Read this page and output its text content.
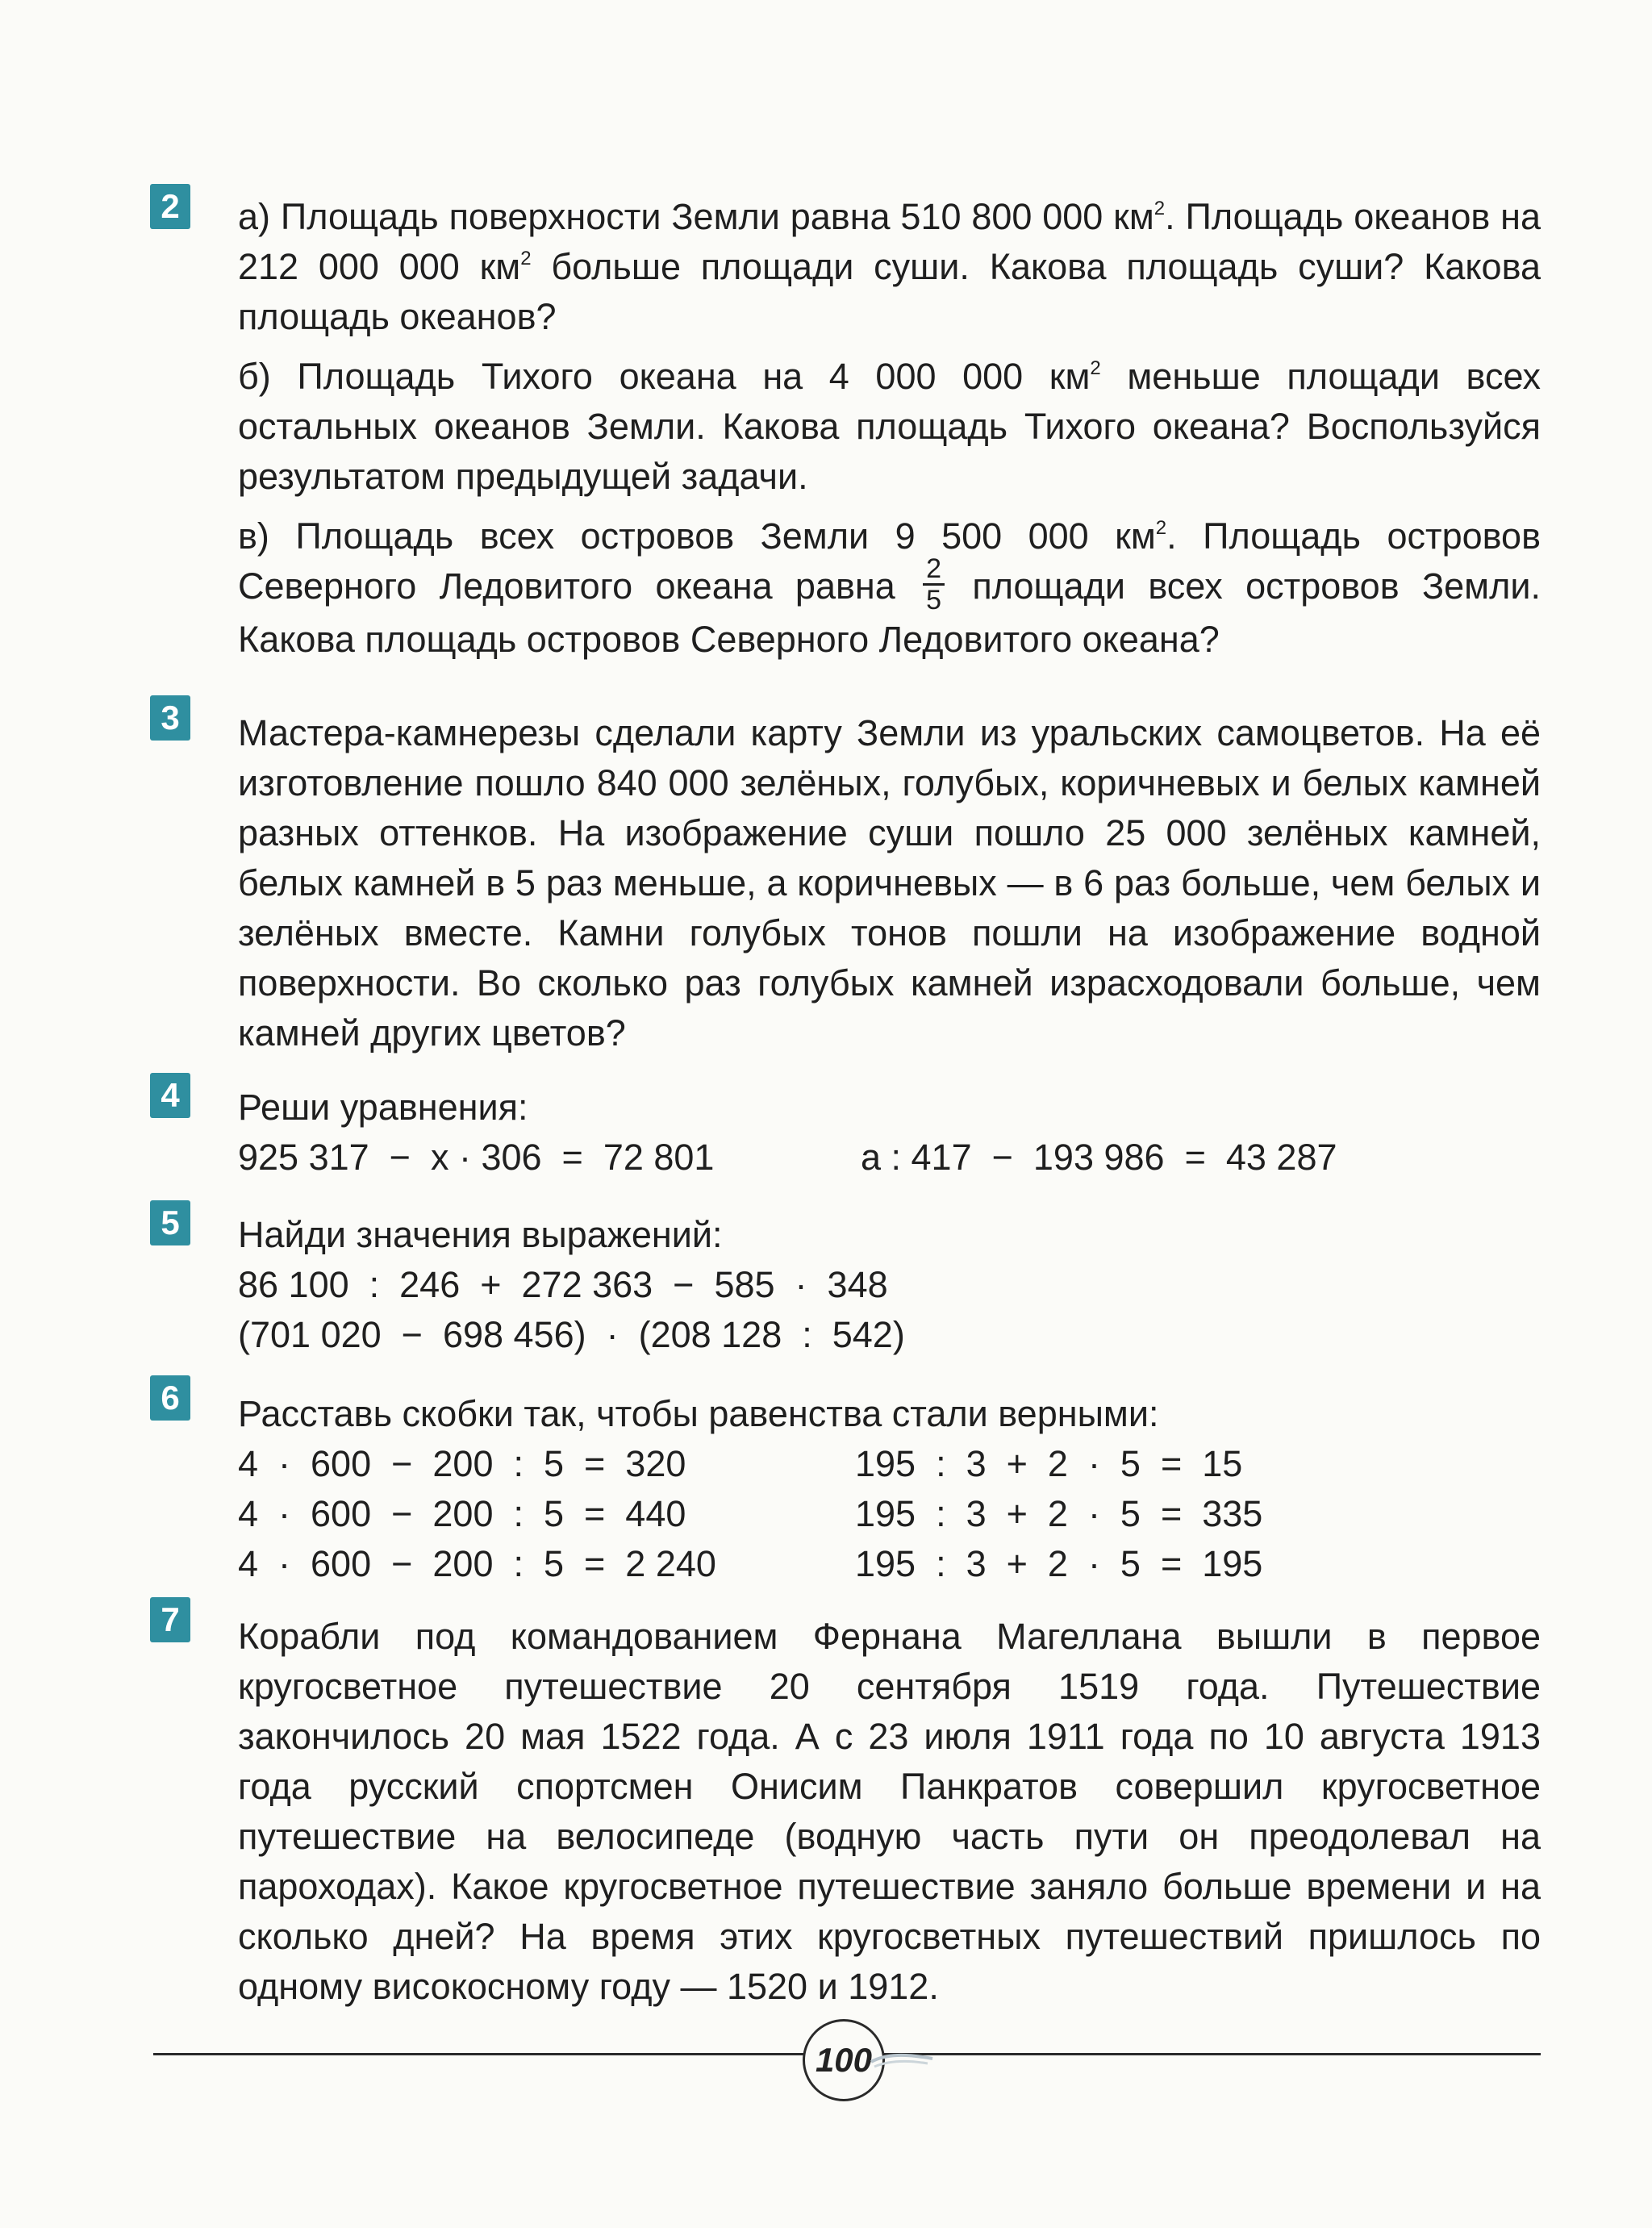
2 а) Площадь поверхности Земли равна 510 800 000 $км^2$. Площадь океанов на 212 000 000 $км^2$ больше площади суши. Какова площадь суши? Какова площадь океанов?

б) Площадь Тихого океана на 4 000 000 $км^2$ меньше площади всех остальных океанов Земли. Какова площадь Тихого океана? Воспользуйся результатом предыдущей задачи.

в) Площадь всех островов Земли 9 500 000 $км^2$. Площадь островов Северного Ледовитого океана равна $\frac{2}{5}$ площади всех островов Земли. Какова площадь островов Северного Ледовитого океана?

3 Мастера-камнерезы сделали карту Земли из уральских самоцветов. На её изготовление пошло 840 000 зелёных, голубых, коричневых и белых камней разных оттенков. На изображение суши пошло 25 000 зелёных камней, белых камней в 5 раз меньше, а коричневых — в 6 раз больше, чем белых и зелёных вместе. Камни голубых тонов пошли на изображение водной поверхности. Во сколько раз голубых камней израсходовали больше, чем камней других цветов?

4 Реши уравнения:

925 317  −  x · 306  =  72 801	a : 417  −  193 986  =  43 287
5 Найди значения выражений:

86 100  :  246  +  272 363  −  585  ·  348

(701 020  −  698 456)  ·  (208 128  :  542)

6 Расставь скобки так, чтобы равенства стали верными:

4  ·  600  −  200  :  5  =  320	195  :  3  +  2  ·  5  =  15
4  ·  600  −  200  :  5  =  440	195  :  3  +  2  ·  5  =  335
4  ·  600  −  200  :  5  =  2 240	195  :  3  +  2  ·  5  =  195
7 Корабли под командованием Фернана Магеллана вышли в первое кругосветное путешествие 20 сентября 1519 года. Путешествие закончилось 20 мая 1522 года. А с 23 июля 1911 года по 10 августа 1913 года русский спортсмен Онисим Панкратов совершил кругосветное путешествие на велосипеде (водную часть пути он преодолевал на пароходах). Какое кругосветное путешествие заняло больше времени и на сколько дней? На время этих кругосветных путешествий пришлось по одному високосному году — 1520 и 1912.

100
